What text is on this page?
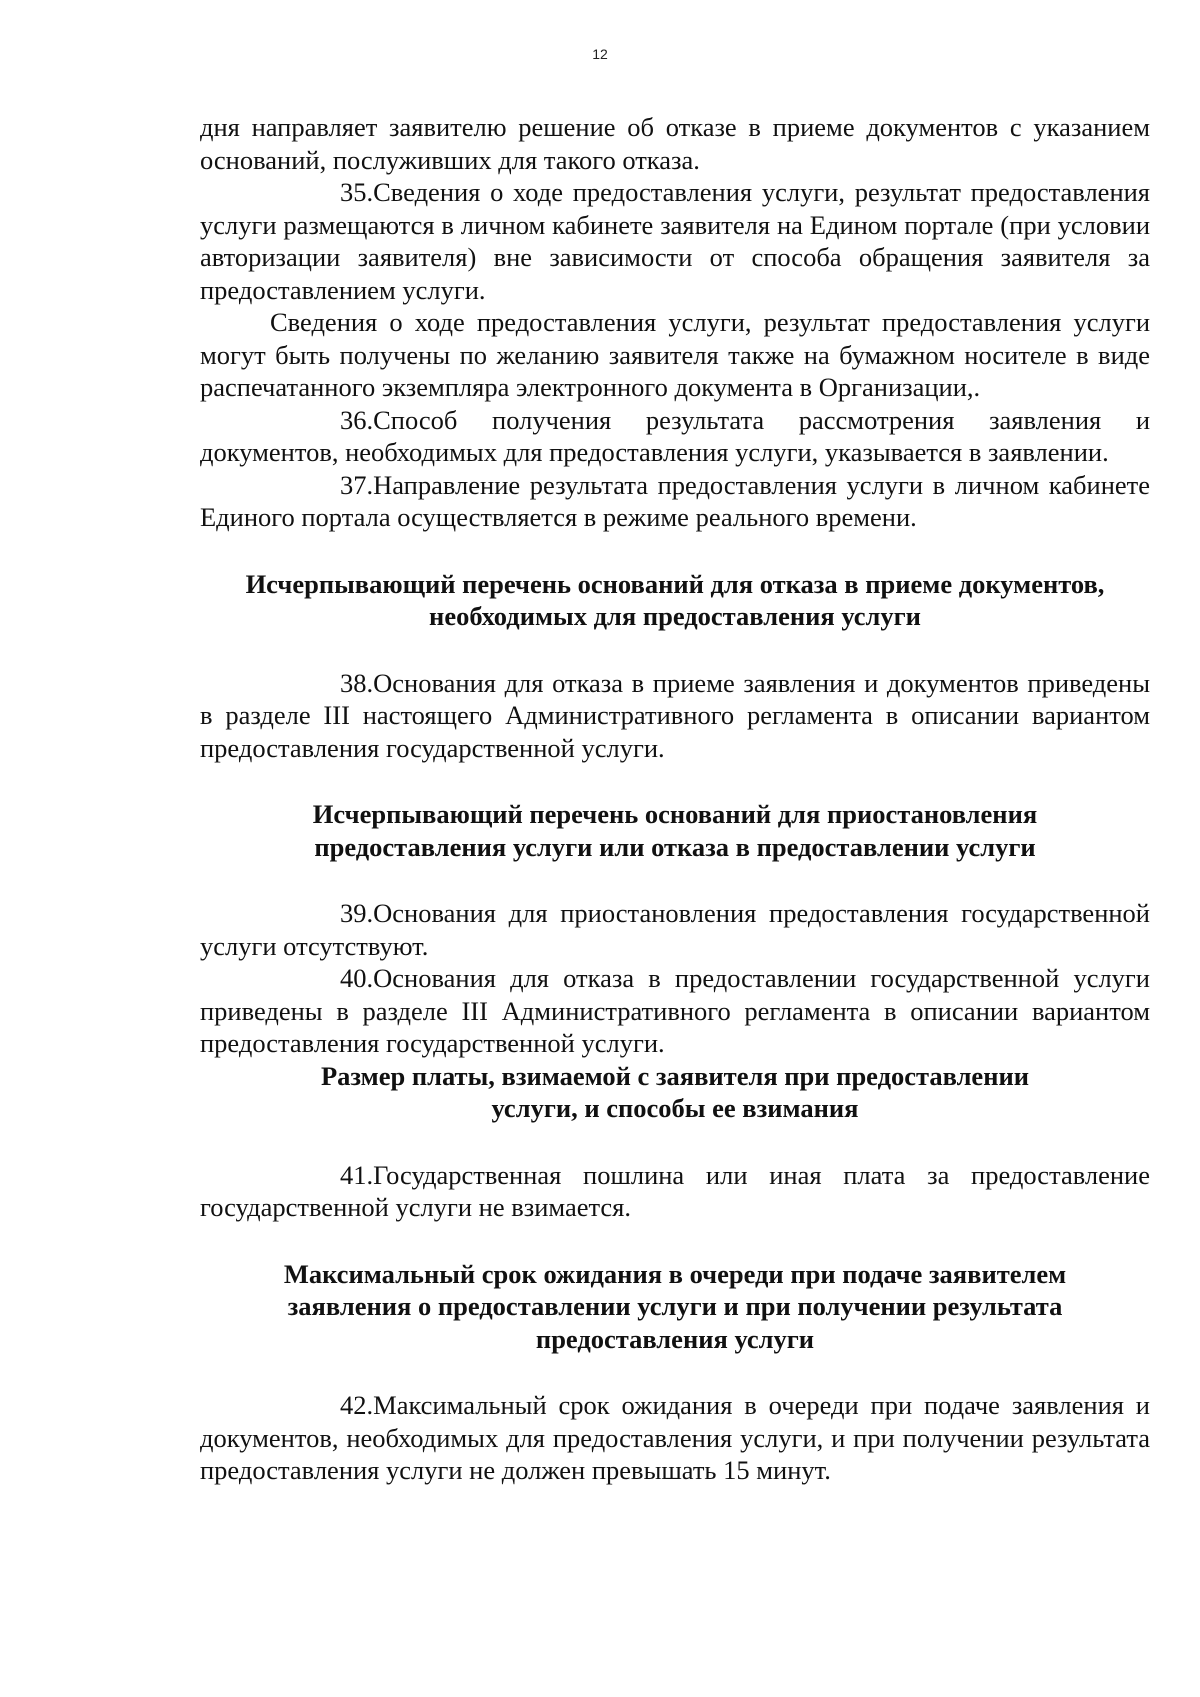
12

дня направляет заявителю решение об отказе в приеме документов с указанием оснований, послуживших для такого отказа.

35.Сведения о ходе предоставления услуги, результат предоставления услуги размещаются в личном кабинете заявителя на Едином портале (при условии авторизации заявителя) вне зависимости от способа обращения заявителя за предоставлением услуги.

Сведения о ходе предоставления услуги, результат предоставления услуги могут быть получены по желанию заявителя также на бумажном носителе в виде распечатанного экземпляра электронного документа в Организации,.

36.Способ получения результата рассмотрения заявления и документов, необходимых для предоставления услуги, указывается в заявлении.

37.Направление результата предоставления услуги в личном кабинете Единого портала осуществляется в режиме реального времени.

Исчерпывающий перечень оснований для отказа в приеме документов,
необходимых для предоставления услуги

38.Основания для отказа в приеме заявления и документов приведены в разделе III настоящего Административного регламента в описании вариантом предоставления государственной услуги.

Исчерпывающий перечень оснований для приостановления
предоставления услуги или отказа в предоставлении услуги

39.Основания для приостановления предоставления государственной услуги отсутствуют.

40.Основания для отказа в предоставлении государственной услуги приведены в разделе III Административного регламента в описании вариантом предоставления государственной услуги.

Размер платы, взимаемой с заявителя при предоставлении
услуги, и способы ее взимания

41.Государственная пошлина или иная плата за предоставление государственной услуги не взимается.

Максимальный срок ожидания в очереди при подаче заявителем
заявления о предоставлении услуги и при получении результата
предоставления услуги

42.Максимальный срок ожидания в очереди при подаче заявления и документов, необходимых для предоставления услуги, и при получении результата предоставления услуги не должен превышать 15 минут.
